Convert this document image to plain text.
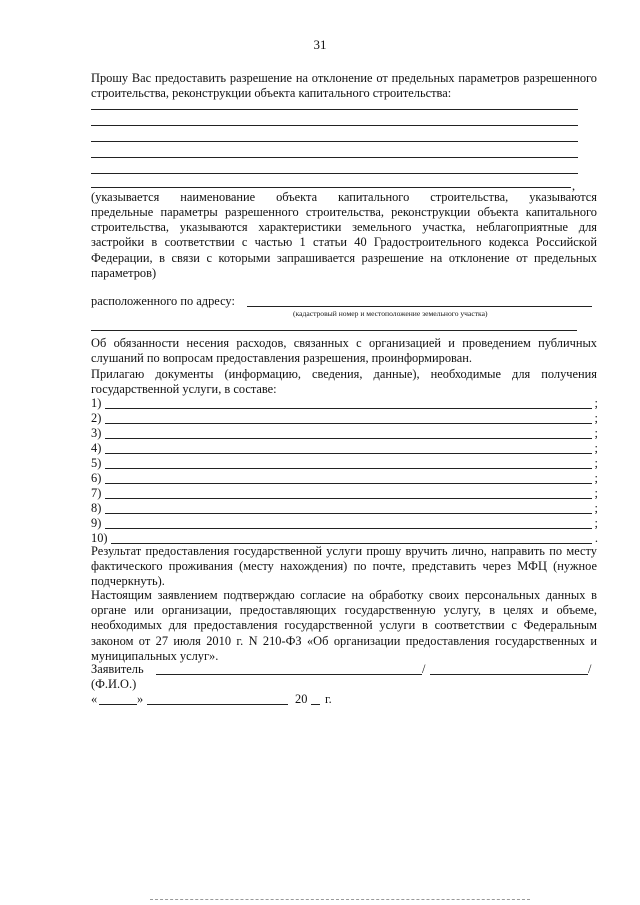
31
Прошу Вас предоставить разрешение на отклонение от предельных параметров разрешенного строительства, реконструкции объекта капитального строительства:
,
(указывается наименование объекта капитального строительства, указываются
предельные параметры разрешенного строительства, реконструкции объекта капитального строительства, указываются характеристики земельного участка, неблагоприятные для застройки в соответствии с частью 1 статьи 40 Градостроительного кодекса Российской Федерации, в связи с которыми запрашивается разрешение на отклонение от предельных параметров)
расположенного по адресу:
(кадастровый номер и местоположение земельного участка)
Об обязанности несения расходов, связанных с организацией и проведением публичных слушаний по вопросам предоставления разрешения, проинформирован.
Прилагаю документы (информацию, сведения, данные), необходимые для получения государственной услуги, в составе:
1)	;
2)	;
3)	;
4)	;
5)	;
6)	;
7)	;
8)	;
9)	;
10)	.
Результат предоставления государственной услуги прошу вручить лично, направить по месту фактического проживания (месту нахождения) по почте, представить через МФЦ (нужное подчеркнуть).
Настоящим заявлением подтверждаю согласие на обработку своих персональных данных в органе или организации, предоставляющих государственную услугу, в целях и объеме, необходимых для предоставления государственной услуги в соответствии с Федеральным законом от 27 июля 2010 г. N 210-ФЗ «Об организации предоставления государственных и муниципальных услуг».
Заявитель	/	/
(Ф.И.О.)
«	»	20 г.
